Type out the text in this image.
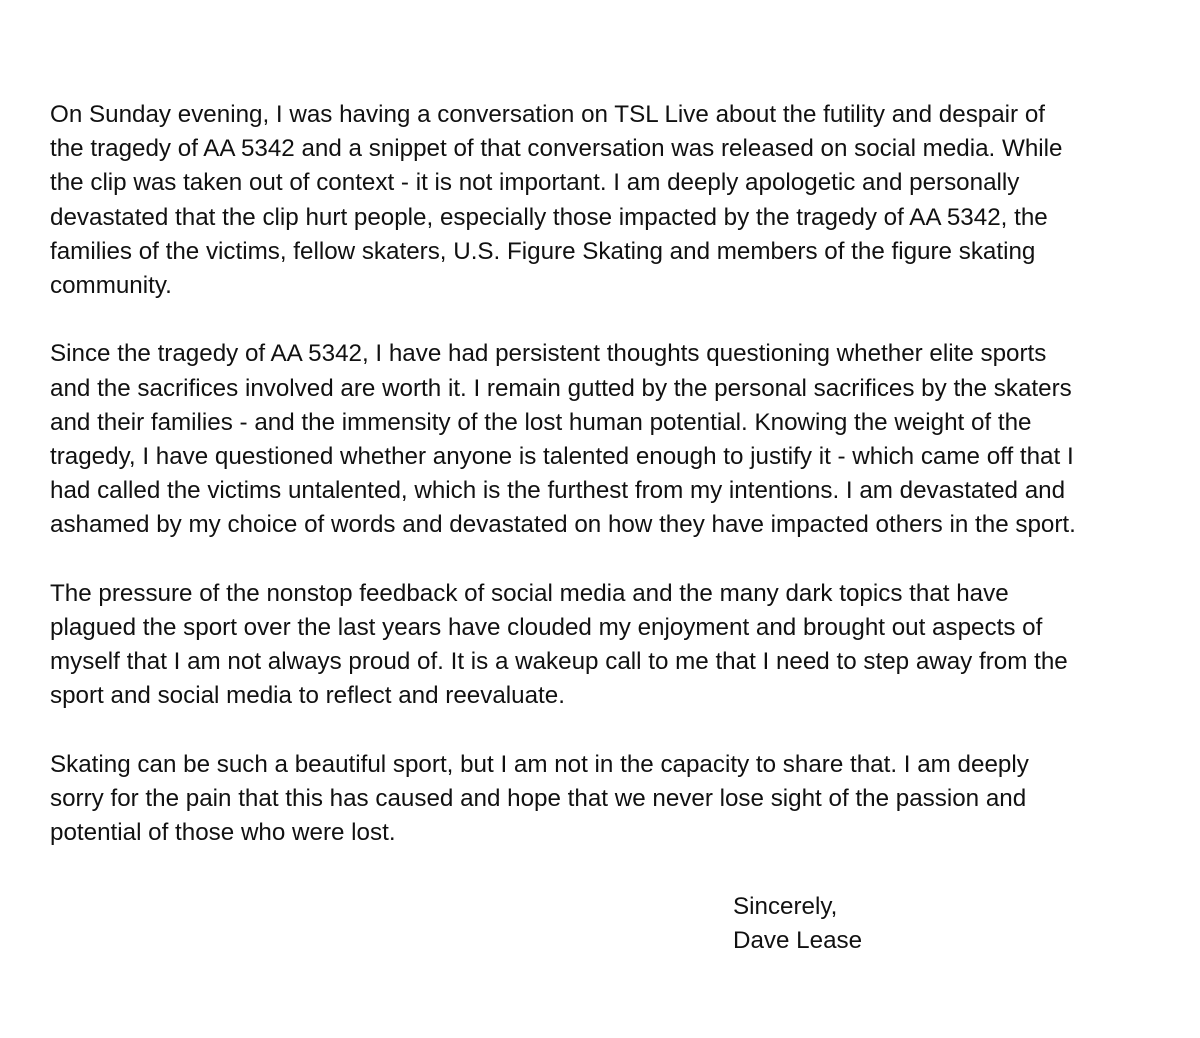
On Sunday evening, I was having a conversation on TSL Live about the futility and despair of
the tragedy of AA 5342 and a snippet of that conversation was released on social media. While
the clip was taken out of context - it is not important. I am deeply apologetic and personally
devastated that the clip hurt people, especially those impacted by the tragedy of AA 5342, the
families of the victims, fellow skaters, U.S. Figure Skating and members of the figure skating
community.

Since the tragedy of AA 5342, I have had persistent thoughts questioning whether elite sports
and the sacrifices involved are worth it. I remain gutted by the personal sacrifices by the skaters
and their families - and the immensity of the lost human potential. Knowing the weight of the
tragedy, I have questioned whether anyone is talented enough to justify it - which came off that I
had called the victims untalented, which is the furthest from my intentions. I am devastated and
ashamed by my choice of words and devastated on how they have impacted others in the sport.

The pressure of the nonstop feedback of social media and the many dark topics that have
plagued the sport over the last years have clouded my enjoyment and brought out aspects of
myself that I am not always proud of. It is a wakeup call to me that I need to step away from the
sport and social media to reflect and reevaluate.

Skating can be such a beautiful sport, but I am not in the capacity to share that. I am deeply
sorry for the pain that this has caused and hope that we never lose sight of the passion and
potential of those who were lost.

Sincerely,
Dave Lease
